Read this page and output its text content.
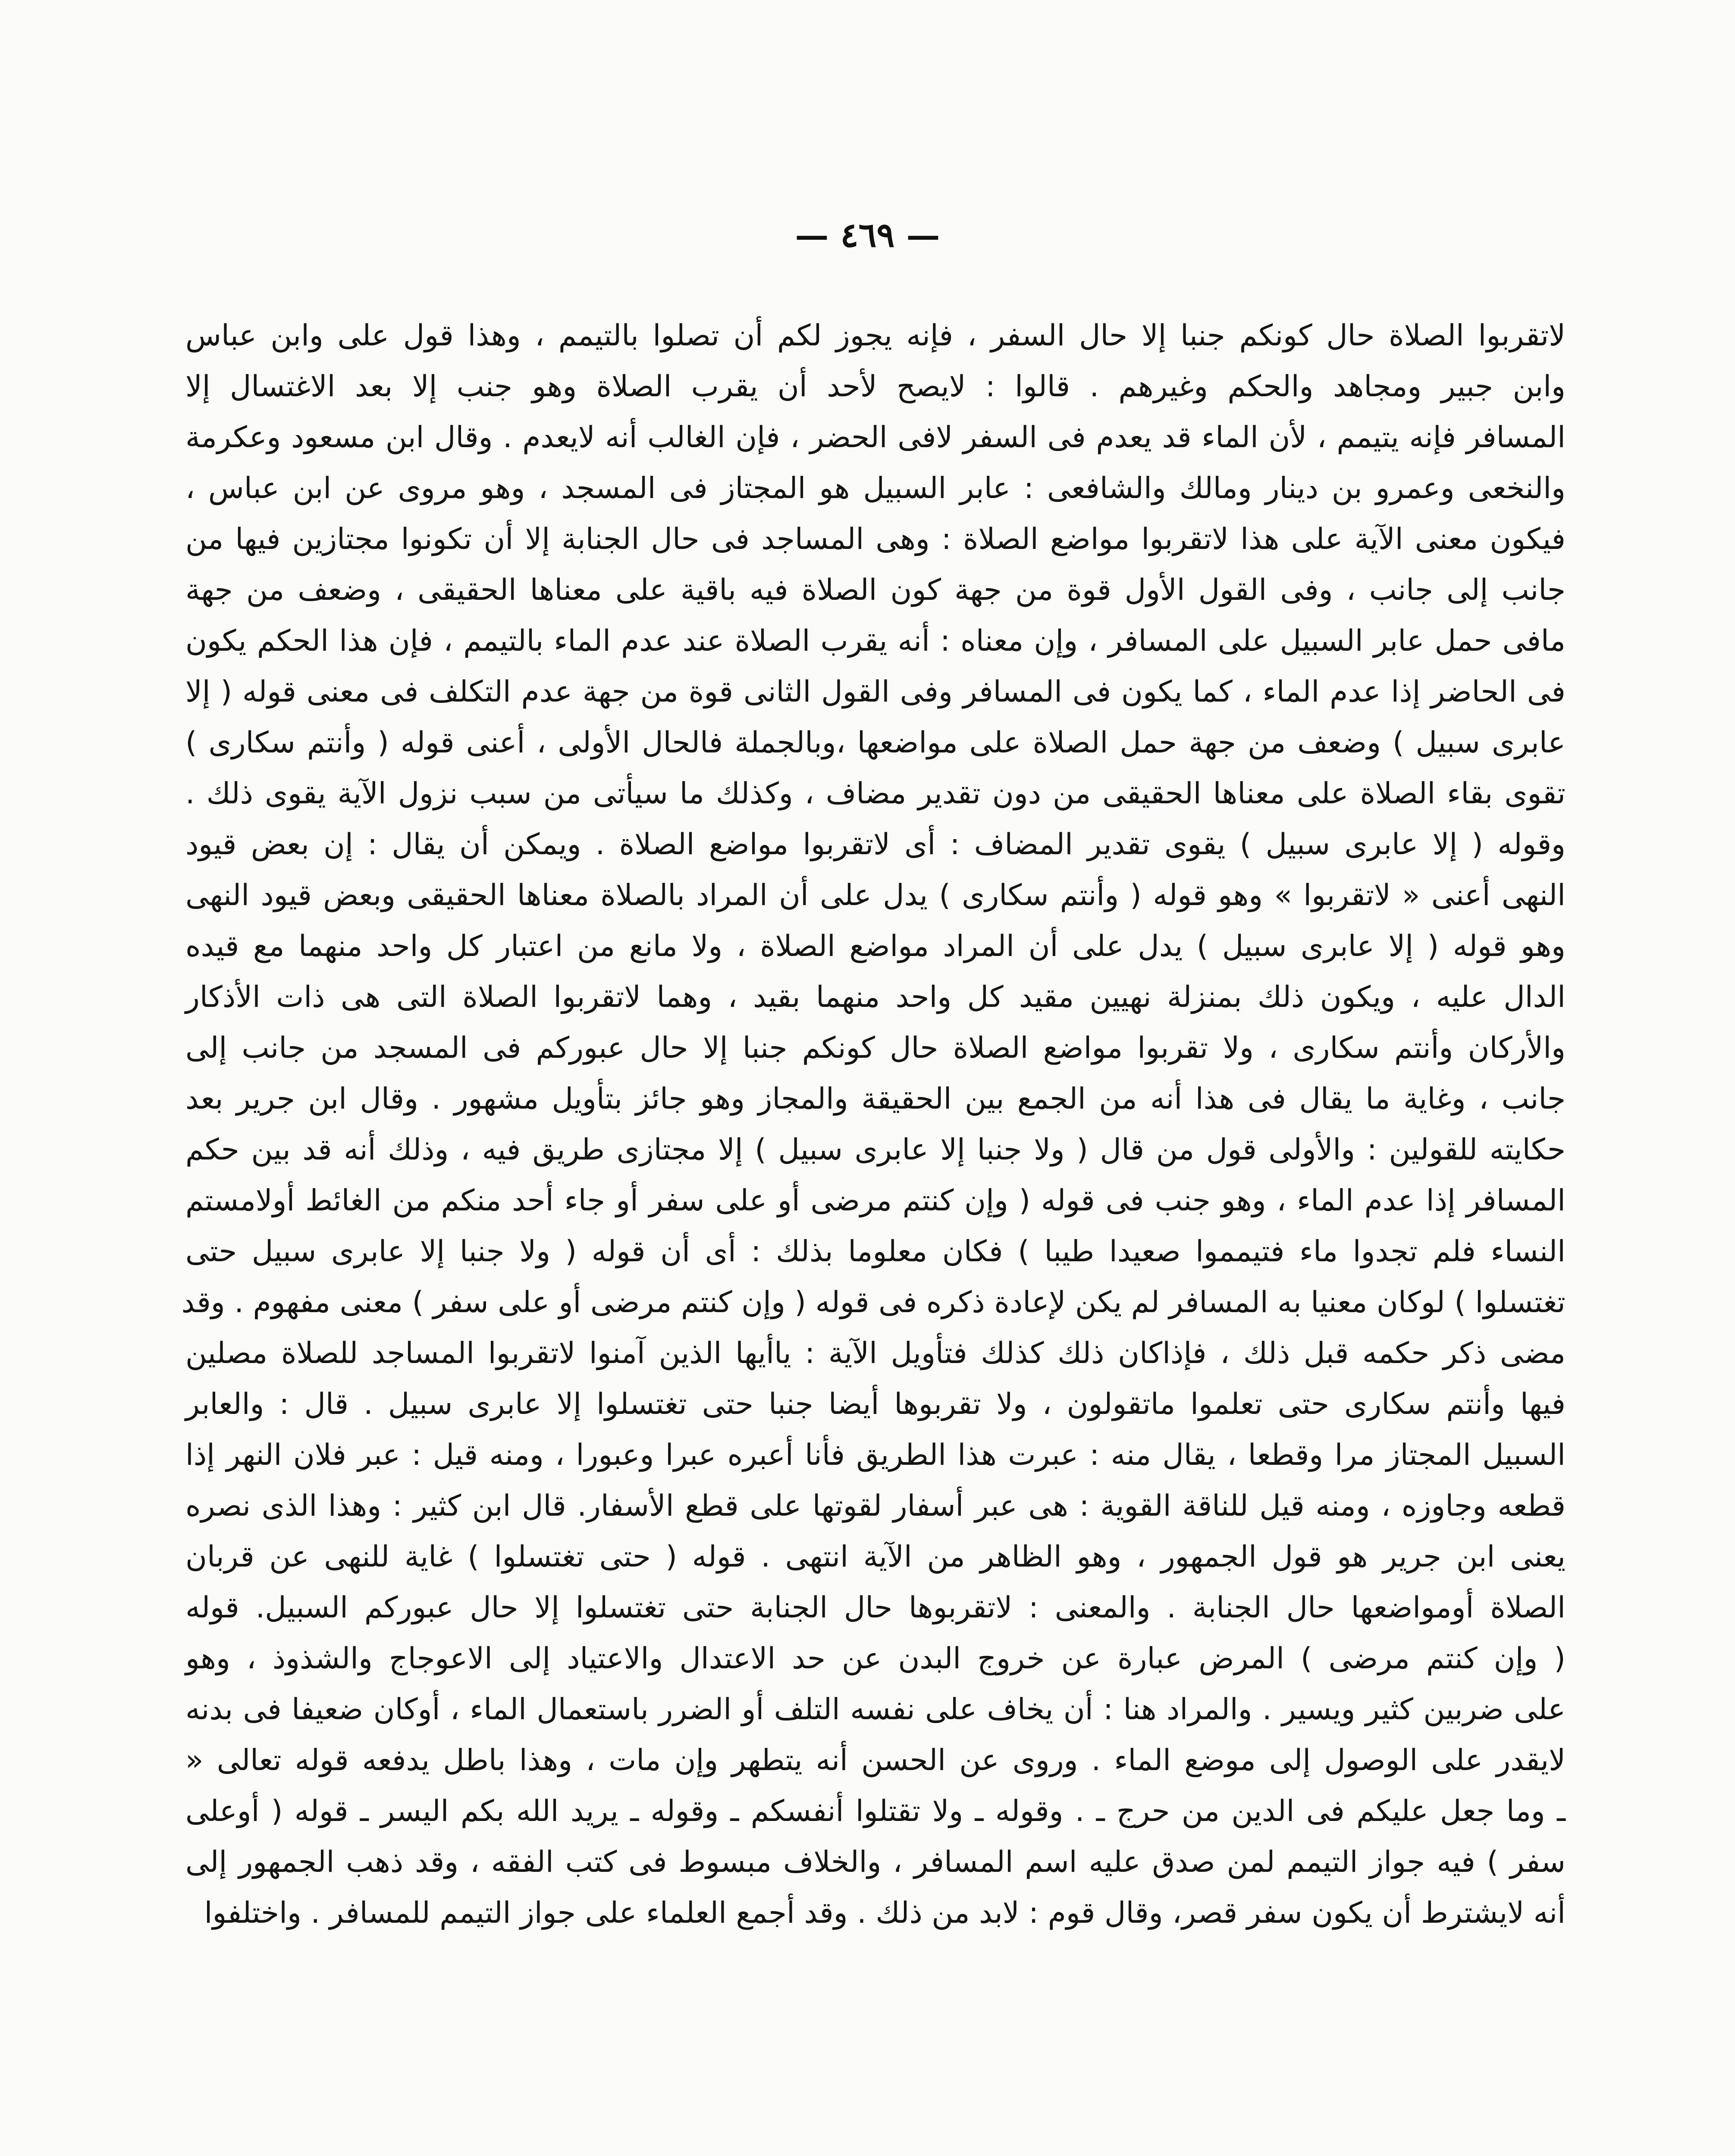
— ٤٦٩ —
لاتقربوا الصلاة حال كونكم جنبا إلا حال السفر ، فإنه يجوز لكم أن تصلوا بالتيمم ، وهذا قول على وابن عباس
وابن جبير ومجاهد والحكم وغيرهم . قالوا : لايصح لأحد أن يقرب الصلاة وهو جنب إلا بعد الاغتسال إلا
المسافر فإنه يتيمم ، لأن الماء قد يعدم فى السفر لافى الحضر ، فإن الغالب أنه لايعدم . وقال ابن مسعود وعكرمة
والنخعى وعمرو بن دينار ومالك والشافعى : عابر السبيل هو المجتاز فى المسجد ، وهو مروى عن ابن عباس ،
فيكون معنى الآية على هذا لاتقربوا مواضع الصلاة : وهى المساجد فى حال الجنابة إلا أن تكونوا مجتازين فيها من
جانب إلى جانب ، وفى القول الأول قوة من جهة كون الصلاة فيه باقية على معناها الحقيقى ، وضعف من جهة
مافى حمل عابر السبيل على المسافر ، وإن معناه : أنه يقرب الصلاة عند عدم الماء بالتيمم ، فإن هذا الحكم يكون
فى الحاضر إذا عدم الماء ، كما يكون فى المسافر وفى القول الثانى قوة من جهة عدم التكلف فى معنى قوله ( إلا
عابرى سبيل ) وضعف من جهة حمل الصلاة على مواضعها ،وبالجملة فالحال الأولى ، أعنى قوله ( وأنتم سكارى )
تقوى بقاء الصلاة على معناها الحقيقى من دون تقدير مضاف ، وكذلك ما سيأتى من سبب نزول الآية يقوى ذلك .
وقوله ( إلا عابرى سبيل ) يقوى تقدير المضاف : أى لاتقربوا مواضع الصلاة . ويمكن أن يقال : إن بعض قيود
النهى أعنى « لاتقربوا » وهو قوله ( وأنتم سكارى ) يدل على أن المراد بالصلاة معناها الحقيقى وبعض قيود النهى
وهو قوله ( إلا عابرى سبيل ) يدل على أن المراد مواضع الصلاة ، ولا مانع من اعتبار كل واحد منهما مع قيده
الدال عليه ، ويكون ذلك بمنزلة نهيين مقيد كل واحد منهما بقيد ، وهما لاتقربوا الصلاة التى هى ذات الأذكار
والأركان وأنتم سكارى ، ولا تقربوا مواضع الصلاة حال كونكم جنبا إلا حال عبوركم فى المسجد من جانب إلى
جانب ، وغاية ما يقال فى هذا أنه من الجمع بين الحقيقة والمجاز وهو جائز بتأويل مشهور . وقال ابن جرير بعد
حكايته للقولين : والأولى قول من قال ( ولا جنبا إلا عابرى سبيل ) إلا مجتازى طريق فيه ، وذلك أنه قد بين حكم
المسافر إذا عدم الماء ، وهو جنب فى قوله ( وإن كنتم مرضى أو على سفر أو جاء أحد منكم من الغائط أولامستم
النساء فلم تجدوا ماء فتيمموا صعيدا طيبا ) فكان معلوما بذلك : أى أن قوله ( ولا جنبا إلا عابرى سبيل حتى
تغتسلوا ) لوكان معنيا به المسافر لم يكن لإعادة ذكره فى قوله ( وإن كنتم مرضى أو على سفر ) معنى مفهوم . وقد
مضى ذكر حكمه قبل ذلك ، فإذاكان ذلك كذلك فتأويل الآية : ياأيها الذين آمنوا لاتقربوا المساجد للصلاة مصلين
فيها وأنتم سكارى حتى تعلموا ماتقولون ، ولا تقربوها أيضا جنبا حتى تغتسلوا إلا عابرى سبيل . قال : والعابر
السبيل المجتاز مرا وقطعا ، يقال منه : عبرت هذا الطريق فأنا أعبره عبرا وعبورا ، ومنه قيل : عبر فلان النهر إذا
قطعه وجاوزه ، ومنه قيل للناقة القوية : هى عبر أسفار لقوتها على قطع الأسفار. قال ابن كثير : وهذا الذى نصره
يعنى ابن جرير هو قول الجمهور ، وهو الظاهر من الآية انتهى . قوله ( حتى تغتسلوا ) غاية للنهى عن قربان
الصلاة أومواضعها حال الجنابة . والمعنى : لاتقربوها حال الجنابة حتى تغتسلوا إلا حال عبوركم السبيل. قوله
( وإن كنتم مرضى ) المرض عبارة عن خروج البدن عن حد الاعتدال والاعتياد إلى الاعوجاج والشذوذ ، وهو
على ضربين كثير ويسير . والمراد هنا : أن يخاف على نفسه التلف أو الضرر باستعمال الماء ، أوكان ضعيفا فى بدنه
لايقدر على الوصول إلى موضع الماء . وروى عن الحسن أنه يتطهر وإن مات ، وهذا باطل يدفعه قوله تعالى «
ـ وما جعل عليكم فى الدين من حرج ـ . وقوله ـ ولا تقتلوا أنفسكم ـ وقوله ـ يريد الله بكم اليسر ـ قوله ( أوعلى
سفر ) فيه جواز التيمم لمن صدق عليه اسم المسافر ، والخلاف مبسوط فى كتب الفقه ، وقد ذهب الجمهور إلى
أنه لايشترط أن يكون سفر قصر، وقال قوم : لابد من ذلك . وقد أجمع العلماء على جواز التيمم للمسافر . واختلفوا
